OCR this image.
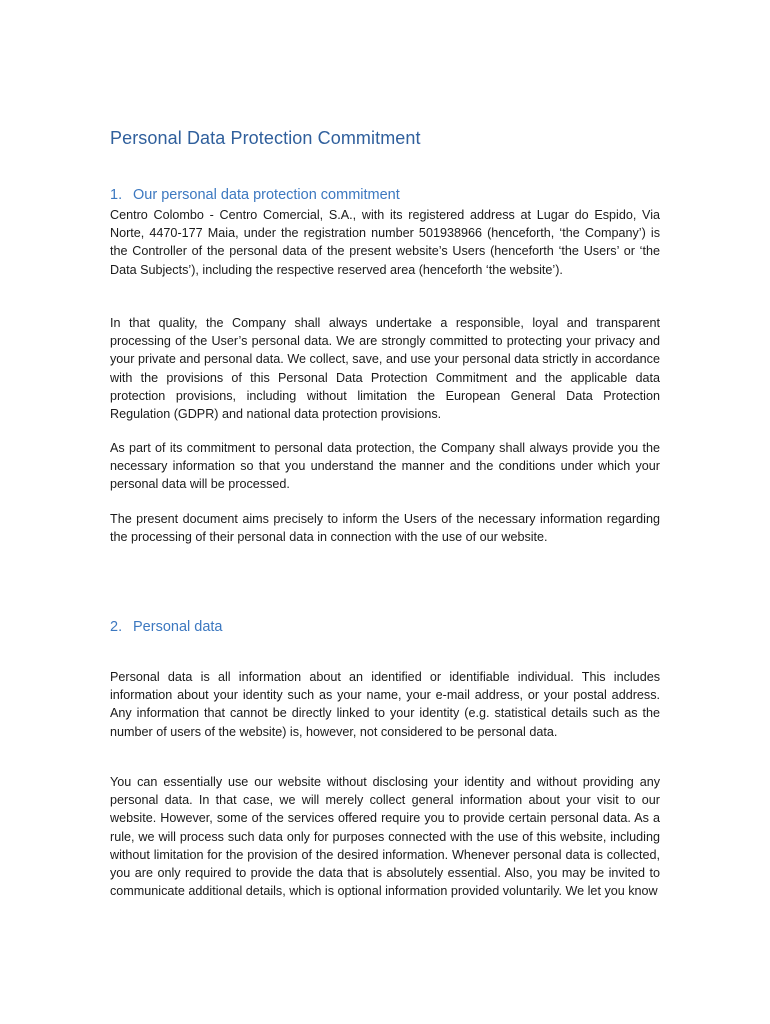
Personal Data Protection Commitment
1. Our personal data protection commitment

Centro Colombo - Centro Comercial, S.A., with its registered address at Lugar do Espido, Via Norte, 4470-177 Maia, under the registration number 501938966 (henceforth, ‘the Company’) is the Controller of the personal data of the present website’s Users (henceforth ‘the Users’ or ‘the Data Subjects’), including the respective reserved area (henceforth ‘the website’).

In that quality, the Company shall always undertake a responsible, loyal and transparent processing of the User’s personal data. We are strongly committed to protecting your privacy and your private and personal data. We collect, save, and use your personal data strictly in accordance with the provisions of this Personal Data Protection Commitment and the applicable data protection provisions, including without limitation the European General Data Protection Regulation (GDPR) and national data protection provisions.

As part of its commitment to personal data protection, the Company shall always provide you the necessary information so that you understand the manner and the conditions under which your personal data will be processed.

The present document aims precisely to inform the Users of the necessary information regarding the processing of their personal data in connection with the use of our website.

2. Personal data

Personal data is all information about an identified or identifiable individual. This includes information about your identity such as your name, your e-mail address, or your postal address. Any information that cannot be directly linked to your identity (e.g. statistical details such as the number of users of the website) is, however, not considered to be personal data.

You can essentially use our website without disclosing your identity and without providing any personal data. In that case, we will merely collect general information about your visit to our website. However, some of the services offered require you to provide certain personal data. As a rule, we will process such data only for purposes connected with the use of this website, including without limitation for the provision of the desired information. Whenever personal data is collected, you are only required to provide the data that is absolutely essential. Also, you may be invited to communicate additional details, which is optional information provided voluntarily. We let you know
